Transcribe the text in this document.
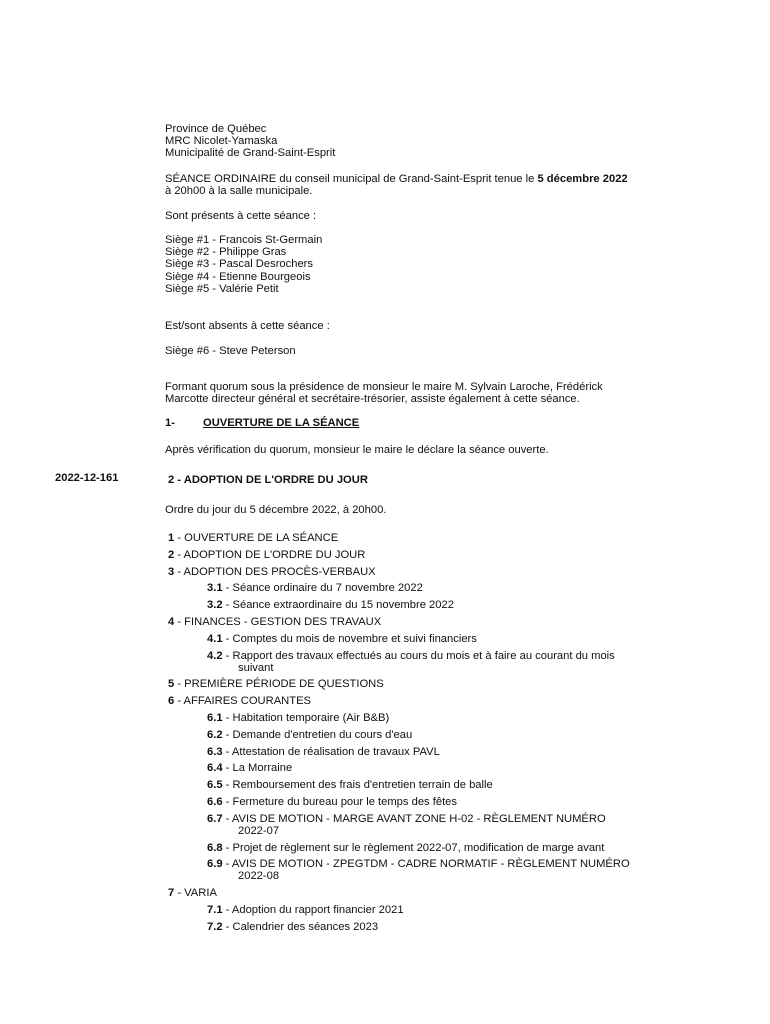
Province de Québec
MRC Nicolet-Yamaska
Municipalité de Grand-Saint-Esprit
SÉANCE ORDINAIRE du conseil municipal de Grand-Saint-Esprit tenue le 5 décembre 2022
à 20h00 à la salle municipale.
Sont présents à cette séance :
Siège #1 - Francois St-Germain
Siège #2 - Philippe Gras
Siège #3 - Pascal Desrochers
Siège #4 - Etienne Bourgeois
Siège #5 - Valérie Petit
Est/sont absents à cette séance :
Siège #6 - Steve Peterson
Formant quorum sous la présidence de monsieur le maire M. Sylvain Laroche, Frédérick
Marcotte directeur général et secrétaire-trésorier, assiste également à cette séance.
1-	OUVERTURE DE LA SÉANCE
Après vérification du quorum, monsieur le maire le déclare la séance ouverte.
2022-12-161	2 - ADOPTION DE L'ORDRE DU JOUR
Ordre du jour du 5 décembre 2022, à 20h00.
1 - OUVERTURE DE LA SÉANCE
2 - ADOPTION DE L'ORDRE DU JOUR
3 - ADOPTION DES PROCÈS-VERBAUX
3.1 - Séance ordinaire du 7 novembre 2022
3.2 - Séance extraordinaire du 15 novembre 2022
4 - FINANCES - GESTION DES TRAVAUX
4.1 - Comptes du mois de novembre et suivi financiers
4.2 - Rapport des travaux effectués au cours du mois et à faire au courant du mois
suivant
5 - PREMIÈRE PÉRIODE DE QUESTIONS
6 - AFFAIRES COURANTES
6.1 - Habitation temporaire (Air B&B)
6.2 - Demande d'entretien du cours d'eau
6.3 - Attestation de réalisation de travaux PAVL
6.4 - La Morraine
6.5 - Remboursement des frais d'entretien terrain de balle
6.6 - Fermeture du bureau pour le temps des fêtes
6.7 - AVIS DE MOTION - MARGE AVANT ZONE H-02 - RÈGLEMENT NUMÉRO
2022-07
6.8 - Projet de règlement sur le règlement 2022-07, modification de marge avant
6.9 - AVIS DE MOTION - ZPEGTDM - CADRE NORMATIF - RÈGLEMENT NUMÉRO
2022-08
7 - VARIA
7.1 - Adoption du rapport financier 2021
7.2 - Calendrier des séances 2023
